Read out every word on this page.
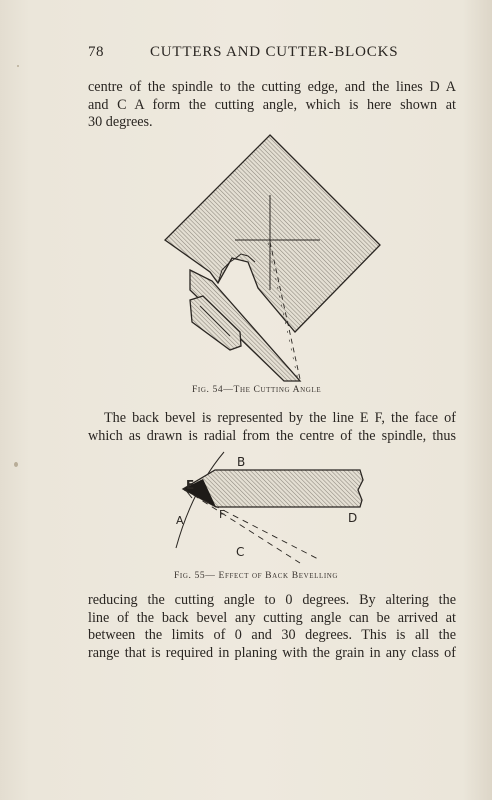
78	CUTTERS AND CUTTER-BLOCKS

centre of the spindle to the cutting edge, and the lines D A
and C A form the cutting angle, which is here shown at
30 degrees.

Fig. 54—The Cutting Angle

The back bevel is represented by the line E F, the face of
which as drawn is radial from the centre of the spindle, thus

B
E
A	F	D
C
Fig. 55— Effect of Back Bevelling

reducing the cutting angle to 0 degrees. By altering the
line of the back bevel any cutting angle can be arrived at
between the limits of 0 and 30 degrees. This is all the
range that is required in planing with the grain in any class of
